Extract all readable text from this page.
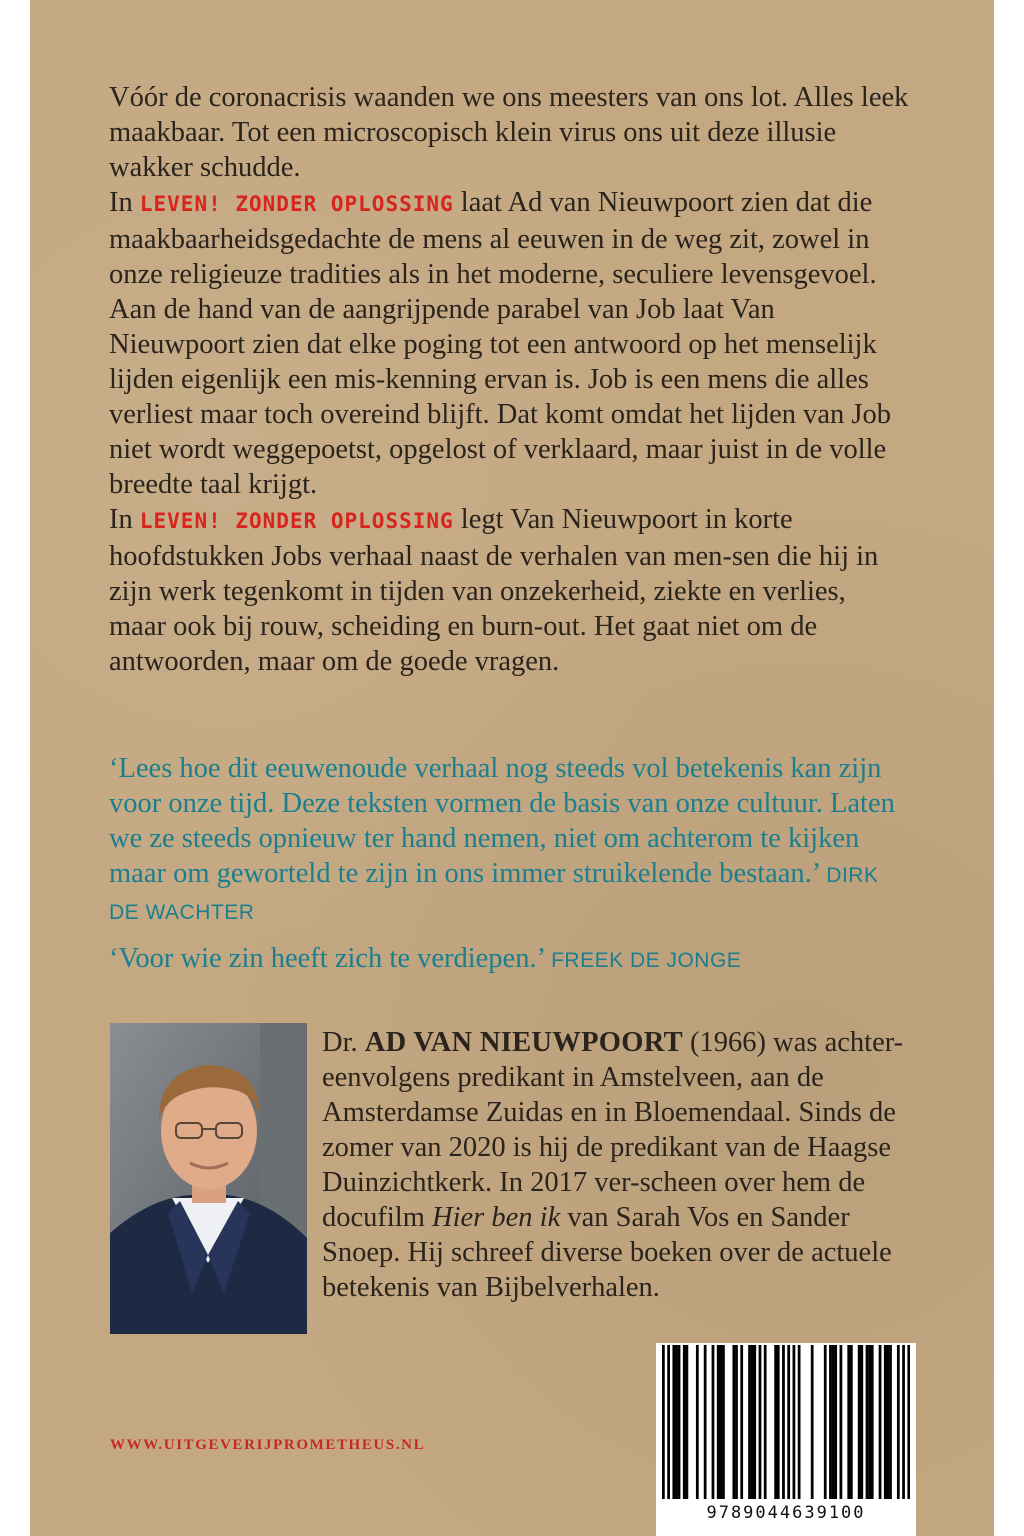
Vóór de coronacrisis waanden we ons meesters van ons lot. Alles leek maakbaar. Tot een microscopisch klein virus ons uit deze illusie wakker schudde.

In LEVEN! ZONDER OPLOSSING laat Ad van Nieuwpoort zien dat die maakbaarheidsgedachte de mens al eeuwen in de weg zit, zowel in onze religieuze tradities als in het moderne, seculiere levensgevoel. Aan de hand van de aangrijpende parabel van Job laat Van Nieuwpoort zien dat elke poging tot een antwoord op het menselijk lijden eigenlijk een mis-kenning ervan is. Job is een mens die alles verliest maar toch overeind blijft. Dat komt omdat het lijden van Job niet wordt weggepoetst, opgelost of verklaard, maar juist in de volle breedte taal krijgt.

In LEVEN! ZONDER OPLOSSING legt Van Nieuwpoort in korte hoofdstukken Jobs verhaal naast de verhalen van men-sen die hij in zijn werk tegenkomt in tijden van onzekerheid, ziekte en verlies, maar ook bij rouw, scheiding en burn-out. Het gaat niet om de antwoorden, maar om de goede vragen.

‘Lees hoe dit eeuwenoude verhaal nog steeds vol betekenis kan zijn voor onze tijd. Deze teksten vormen de basis van onze cultuur. Laten we ze steeds opnieuw ter hand nemen, niet om achterom te kijken maar om geworteld te zijn in ons immer struikelende bestaan.’ DIRK DE WACHTER

‘Voor wie zin heeft zich te verdiepen.’ FREEK DE JONGE

Dr. AD VAN NIEUWPOORT (1966) was achter-eenvolgens predikant in Amstelveen, aan de Amsterdamse Zuidas en in Bloemendaal. Sinds de zomer van 2020 is hij de predikant van de Haagse Duinzichtkerk. In 2017 ver-scheen over hem de docufilm Hier ben ik van Sarah Vos en Sander Snoep. Hij schreef diverse boeken over de actuele betekenis van Bijbelverhalen.

WWW.UITGEVERIJPROMETHEUS.NL
9789044639100
